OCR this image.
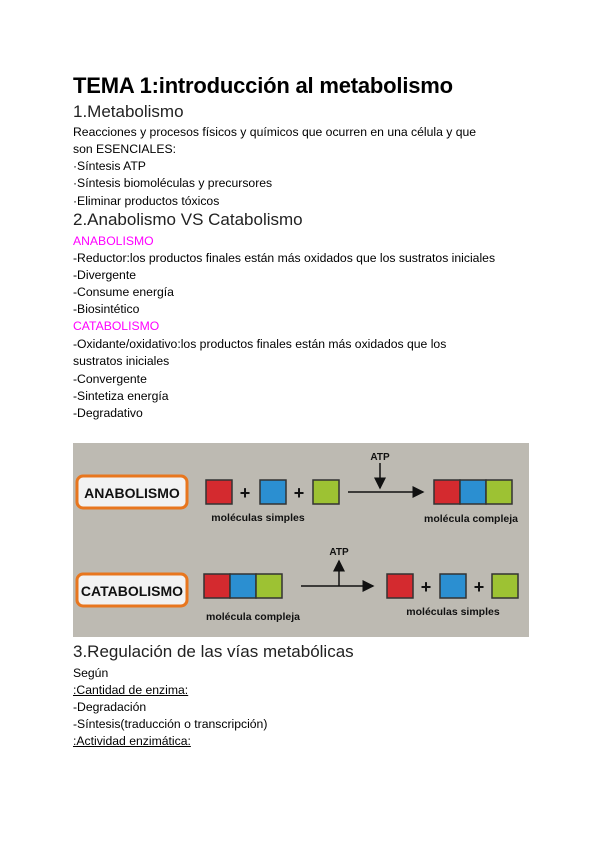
TEMA 1:introducción al metabolismo
1.Metabolismo

Reacciones y procesos físicos y químicos que ocurren en una célula y que

son ESENCIALES:

·Síntesis ATP

·Síntesis biomoléculas y precursores

·Eliminar productos tóxicos

2.Anabolismo VS Catabolismo

ANABOLISMO

-Reductor:los productos finales están más oxidados que los sustratos iniciales

-Divergente

-Consume energía

-Biosintético

CATABOLISMO

-Oxidante/oxidativo:los productos finales están más oxidados que los

sustratos iniciales

-Convergente

-Sintetiza energía

-Degradativo

ANABOLISMO	+ +
moléculas simples
ATP
molécula compleja
CATABOLISMO
molécula compleja
ATP
+ +
moléculas simples
3.Regulación de las vías metabólicas

Según

:Cantidad de enzima:

-Degradación

-Síntesis(traducción o transcripción)

:Actividad enzimática:
